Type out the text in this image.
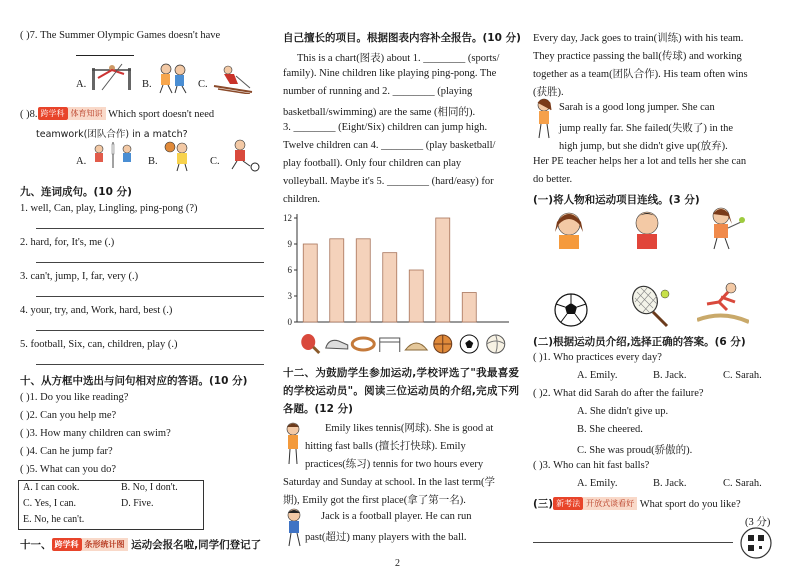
( )7. The Summer Olympic Games doesn't have
A.	B.	C.
( )8. 跨学科 体育知识 Which sport doesn't need
teamwork(团队合作) in a match?
A.	B.	C.
九、连词成句。(10 分)
1. well, Can, play, Lingling, ping-pong (?)
2. hard, for, It's, me (.)
3. can't, jump, I, far, very (.)
4. your, try, and, Work, hard, best (.)
5. football, Six, can, children, play (.)
十、从方框中选出与问句相对应的答语。(10 分)
( )1. Do you like reading?
( )2. Can you help me?
( )3. How many children can swim?
( )4. Can he jump far?
( )5. What can you do?
A. I can cook.	B. No, I don't.
C. Yes, I can.	D. Five.
E. No, he can't.
十一、 跨学科 条形统计图 运动会报名啦,同学们登记了
自己擅长的项目。根据图表内容补全报告。(10 分)
This is a chart(图表) about 1. ________ (sports/
family). Nine children like playing ping-pong. The
number of running and 2. ________ (playing
basketball/swimming) are the same (相同的).
3. ________ (Eight/Six) children can jump high.
Twelve children can 4. ________ (play basketball/
play football). Only four children can play
volleyball. Maybe it's 5. ________ (hard/easy) for
children.
0
3
6
9
12
十二、为鼓励学生参加运动,学校评选了"我最喜爱的学校运动员"。阅读三位运动员的介绍,完成下列各题。(12 分)
Emily likes tennis(网球). She is good at
hitting fast balls (擅长打快球). Emily
practices(练习) tennis for two hours every
Saturday and Sunday at school. In the last term(学
期), Emily got the first place(拿了第一名).
Jack is a football player. He can run
past(超过) many players with the ball.
Every day, Jack goes to train(训练) with his team.
They practice passing the ball(传球) and working
together as a team(团队合作). His team often wins
(获胜).
Sarah is a good long jumper. She can
jump really far. She failed(失败了) in the
high jump, but she didn't give up(放弃).
Her PE teacher helps her a lot and tells her she can
do better.
(一)将人物和运动项目连线。(3 分)
(二)根据运动员介绍,选择正确的答案。(6 分)
( )1. Who practices every day?
A. Emily.	B. Jack.	C. Sarah.
( )2. What did Sarah do after the failure?
A. She didn't give up.
B. She cheered.
C. She was proud(骄傲的).
( )3. Who can hit fast balls?
A. Emily.	B. Jack.	C. Sarah.
(三) 新考法 开放式谈看好 What sport do you like?
(3 分)
2
